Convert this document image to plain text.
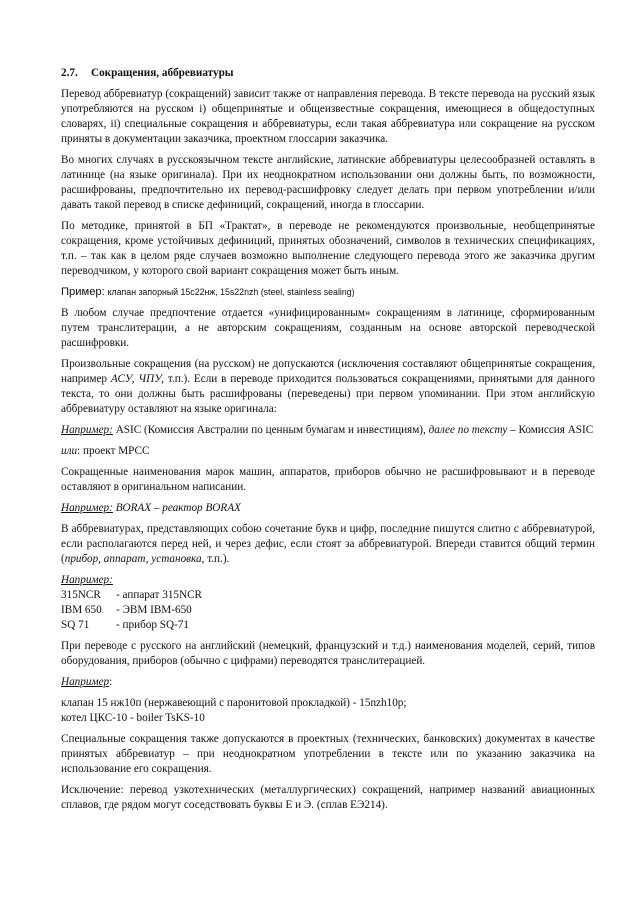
2.7.	Сокращения, аббревиатуры
Перевод аббревиатур (сокращений) зависит также от направления перевода. В тексте перевода на русский язык употребляются на русском i) общепринятые и общеизвестные сокращения, имеющиеся в общедоступных словарях, ii) специальные сокращения и аббревиатуры, если такая аббревиатура или сокращение на русском приняты в документации заказчика, проектном глоссарии заказчика.
Во многих случаях в русскоязычном тексте английские, латинские аббревиатуры целесообразней оставлять в латинице (на языке оригинала). При их неоднократном использовании они должны быть, по возможности, расшифрованы, предпочтительно их перевод-расшифровку следует делать при первом употреблении и/или давать такой перевод в списке дефиниций, сокращений, иногда в глоссарии.
По методике, принятой в БП «Трактат», в переводе не рекомендуются произвольные, необщепринятые сокращения, кроме устойчивых дефиниций, принятых обозначений, символов в технических спецификациях, т.п. – так как в целом ряде случаев возможно выполнение следующего перевода этого же заказчика другим переводчиком, у которого свой вариант сокращения может быть иным.
Пример: клапан запорный 15с22нж, 15s22nzh (steel, stainless sealing)
В любом случае предпочтение отдается «унифицированным» сокращениям в латинице, сформированным путем транслитерации, а не авторским сокращениям, созданным на основе авторской переводческой расшифровки.
Произвольные сокращения (на русском) не допускаются (исключения составляют общепринятые сокращения, например АСУ, ЧПУ, т.п.). Если в переводе приходится пользоваться сокращениями, принятыми для данного текста, то они должны быть расшифрованы (переведены) при первом упоминании. При этом английскую аббревиатуру оставляют на языке оригинала:
Например: ASIC (Комиссия Австралии по ценным бумагам и инвестициям), далее по тексту – Комиссия ASIC
или: проект МРСС
Сокращенные наименования марок машин, аппаратов, приборов обычно не расшифровывают и в переводе оставляют в оригинальном написании.
Например: BORAX – реактор BORAX
В аббревиатурах, представляющих собою сочетание букв и цифр, последние пишутся слитно с аббревиатурой, если располагаются перед ней, и через дефис, если стоят за аббревиатурой. Впереди ставится общий термин (прибор, аппарат, установка, т.п.).
Например:
315NCR	- аппарат 315NCR
IBM 650	- ЭВМ IBM-650
SQ 71	- прибор SQ-71
При переводе с русского на английский (немецкий, французский и т.д.) наименования моделей, серий, типов оборудования, приборов (обычно с цифрами) переводятся транслитерацией.
Например:
клапан 15 нж10п (нержавеющий с паронитовой прокладкой) - 15nzh10p;
котел ЦКС-10 - boiler TsKS-10
Специальные сокращения также допускаются в проектных (технических, банковских) документах в качестве принятых аббревиатур – при неоднократном употреблении в тексте или по указанию заказчика на использование его сокращения.
Исключение: перевод узкотехнических (металлургических) сокращений, например названий авиационных сплавов, где рядом могут соседствовать буквы Е и Э. (сплав ЕЭ214).
